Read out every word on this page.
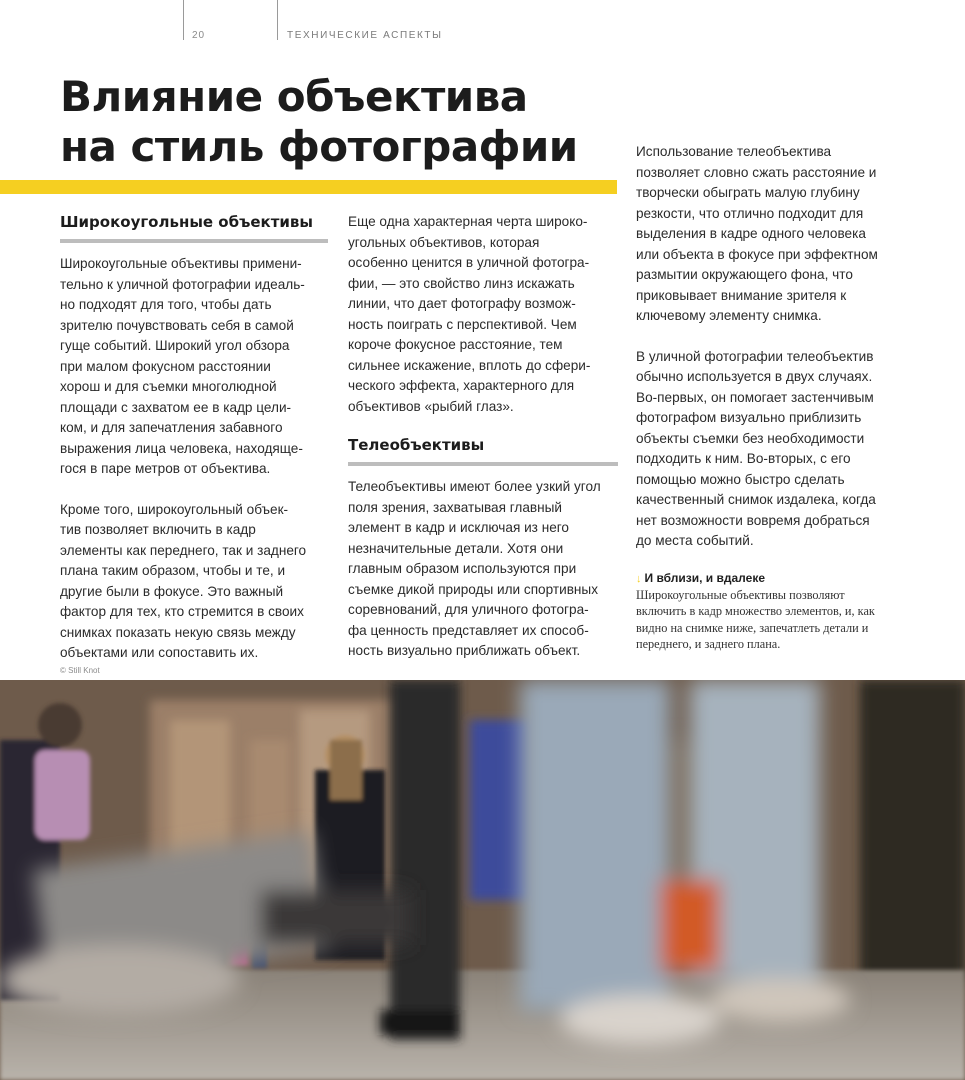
20	ТЕХНИЧЕСКИЕ АСПЕКТЫ
Влияние объектива
на стиль фотографии
Широкоугольные объективы

Широкоугольные объективы примени-
тельно к уличной фотографии идеаль-
но подходят для того, чтобы дать
зрителю почувствовать себя в самой
гуще событий. Широкий угол обзора
при малом фокусном расстоянии
хорош и для съемки многолюдной
площади с захватом ее в кадр цели-
ком, и для запечатления забавного
выражения лица человека, находяще-
гося в паре метров от объектива.

Кроме того, широкоугольный объек-
тив позволяет включить в кадр
элементы как переднего, так и заднего
плана таким образом, чтобы и те, и
другие были в фокусе. Это важный
фактор для тех, кто стремится в своих
снимках показать некую связь между
объектами или сопоставить их.

Еще одна характерная черта широко-
угольных объективов, которая
особенно ценится в уличной фотогра-
фии, — это свойство линз искажать
линии, что дает фотографу возмож-
ность поиграть с перспективой. Чем
короче фокусное расстояние, тем
сильнее искажение, вплоть до сфери-
ческого эффекта, характерного для
объективов «рыбий глаз».

Телеобъективы

Телеобъективы имеют более узкий угол
поля зрения, захватывая главный
элемент в кадр и исключая из него
незначительные детали. Хотя они
главным образом используются при
съемке дикой природы или спортивных
соревнований, для уличного фотогра-
фа ценность представляет их способ-
ность визуально приближать объект.

Использование телеобъектива
позволяет словно сжать расстояние и
творчески обыграть малую глубину
резкости, что отлично подходит для
выделения в кадре одного человека
или объекта в фокусе при эффектном
размытии окружающего фона, что
приковывает внимание зрителя к
ключевому элементу снимка.

В уличной фотографии телеобъектив
обычно используется в двух случаях.
Во-первых, он помогает застенчивым
фотографом визуально приблизить
объекты съемки без необходимости
подходить к ним. Во-вторых, с его
помощью можно быстро сделать
качественный снимок издалека, когда
нет возможности вовремя добраться
до места событий.

↓ И вблизи, и вдалеке
Широкоугольные объективы позволяют
включить в кадр множество элементов, и, как
видно на снимке ниже, запечатлеть детали и
переднего, и заднего плана.
© Still Knot
